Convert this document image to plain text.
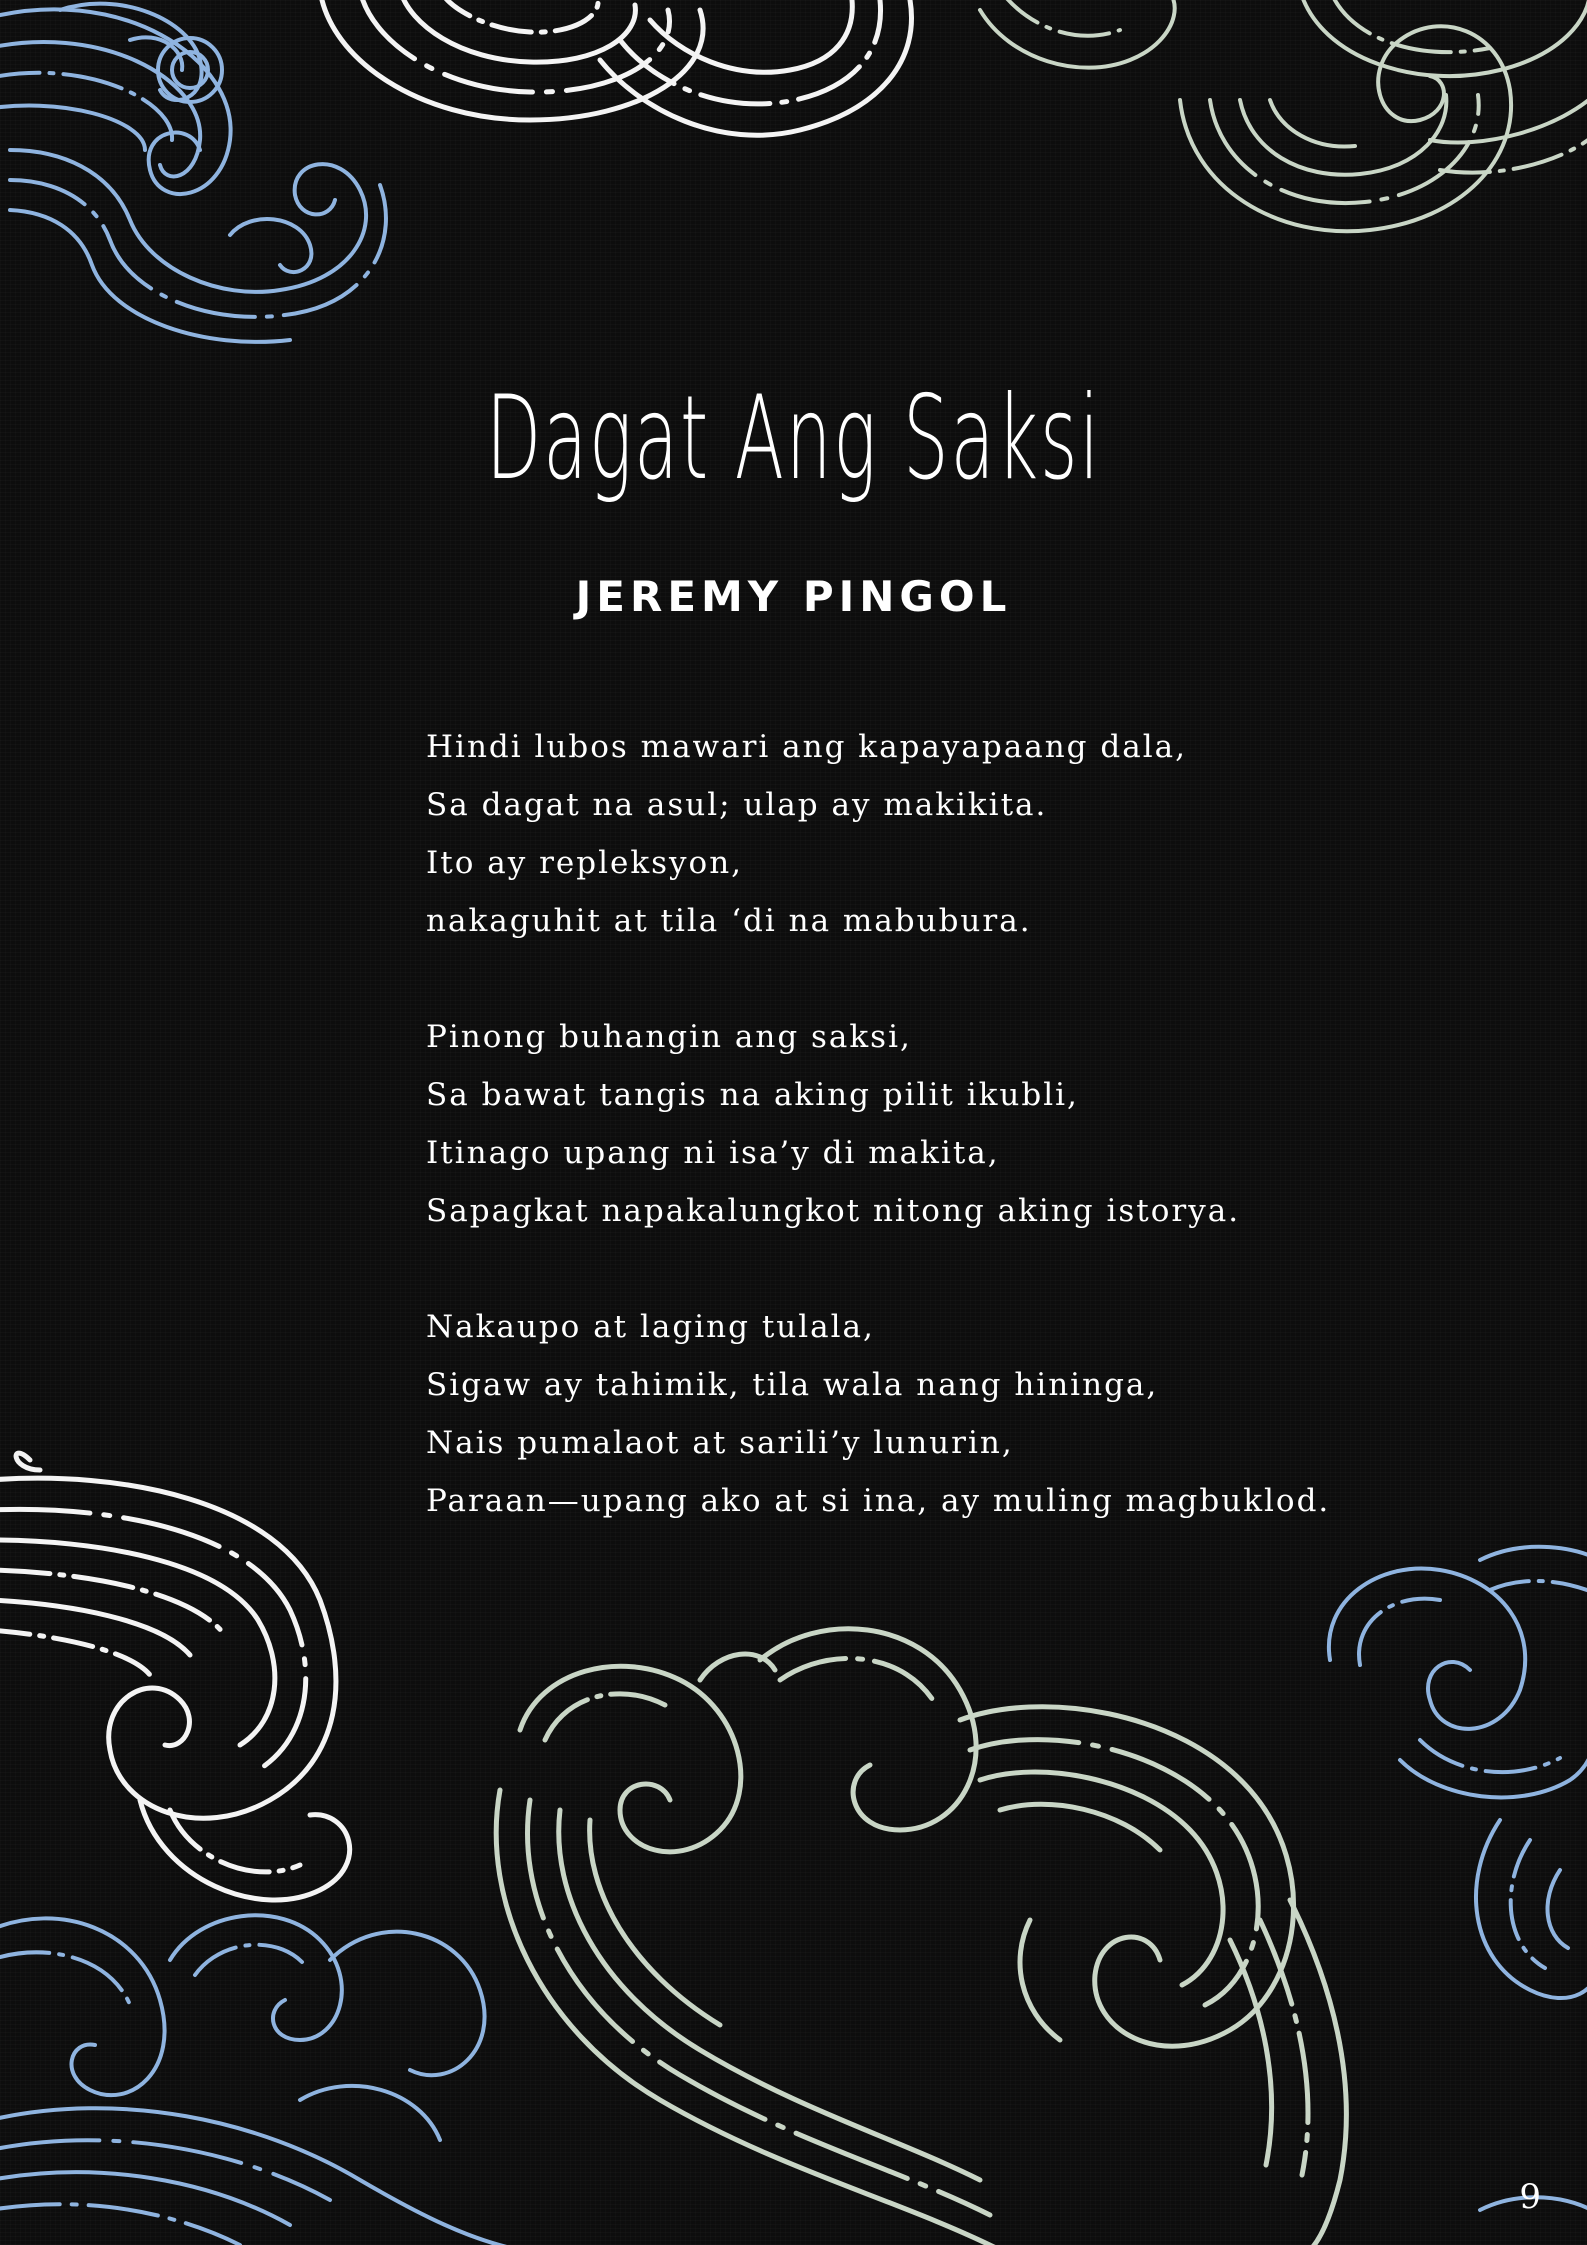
Dagat Ang Saksi
JEREMY PINGOL
Hindi lubos mawari ang kapayapaang dala,
Sa dagat na asul; ulap ay makikita.
Ito ay repleksyon,
nakaguhit at tila ‘di na mabubura.
Pinong buhangin ang saksi,
Sa bawat tangis na aking pilit ikubli,
Itinago upang ni isa’y di makita,
Sapagkat napakalungkot nitong aking istorya.
Nakaupo at laging tulala,
Sigaw ay tahimik, tila wala nang hininga,
Nais pumalaot at sarili’y lunurin,
Paraan—upang ako at si ina, ay muling magbuklod.
9
